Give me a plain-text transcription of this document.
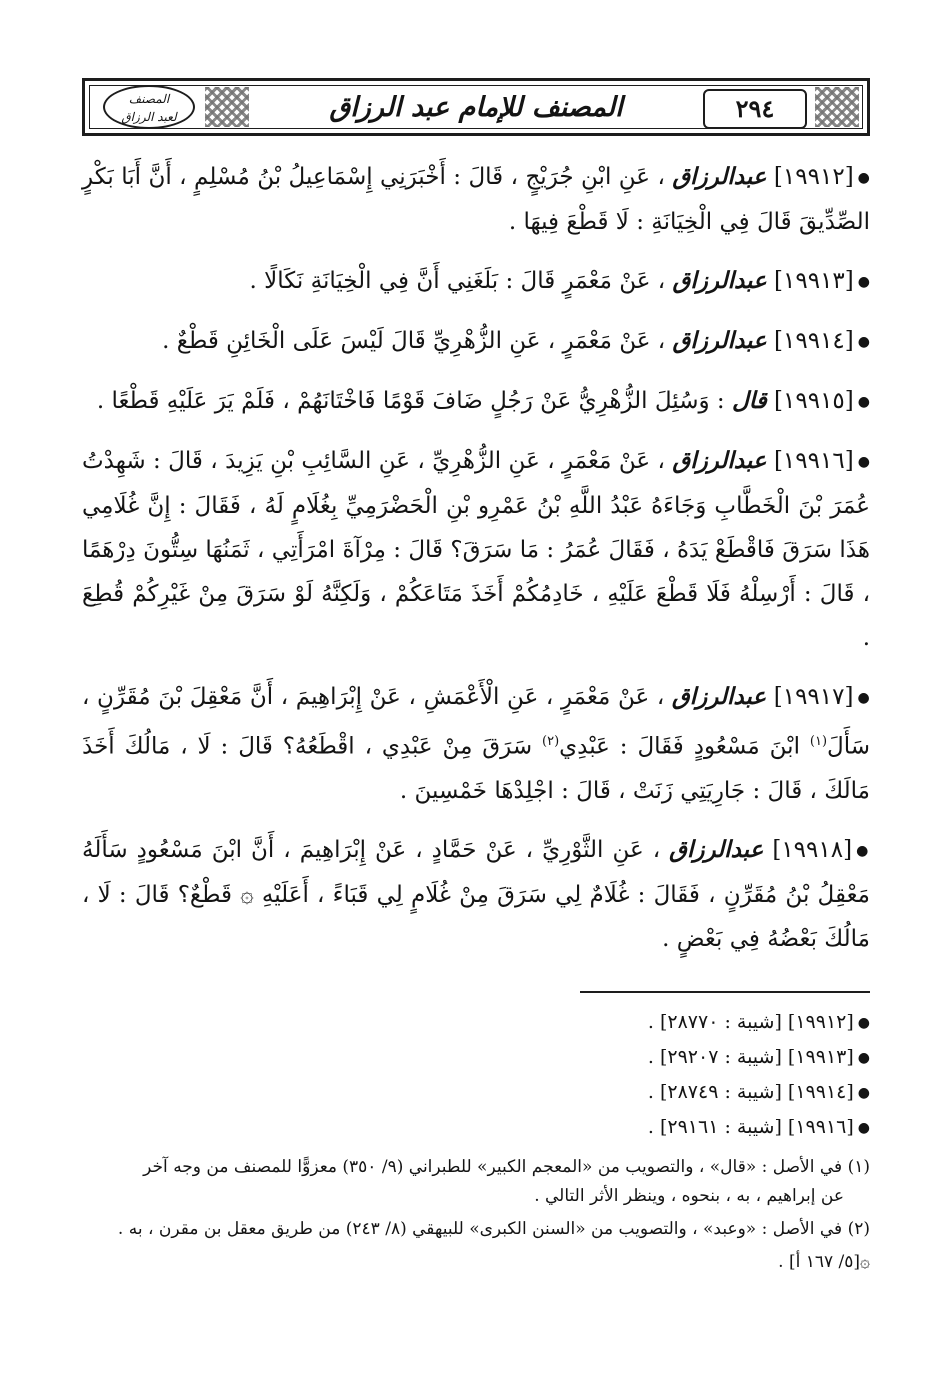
٢٩٤
المصنف للإمام عبد الرزاق
المصنف
لعبد الرزاق

●[١٩٩١٢] عبدالرزاق ، عَنِ ابْنِ جُرَيْجٍ ، قَالَ : أَخْبَرَنِي إِسْمَاعِيلُ بْنُ مُسْلِمٍ ، أَنَّ أَبَا بَكْرٍ الصِّدِّيقَ قَالَ فِي الْخِيَانَةِ : لَا قَطْعَ فِيهَا .

●[١٩٩١٣] عبدالرزاق ، عَنْ مَعْمَرٍ قَالَ : بَلَغَنِي أَنَّ فِي الْخِيَانَةِ نَكَالًا .

●[١٩٩١٤] عبدالرزاق ، عَنْ مَعْمَرٍ ، عَنِ الزُّهْرِيِّ قَالَ لَيْسَ عَلَى الْخَائِنِ قَطْعٌ .

●[١٩٩١٥] قال : وَسُئِلَ الزُّهْرِيُّ عَنْ رَجُلٍ ضَافَ قَوْمًا فَاخْتَانَهُمْ ، فَلَمْ يَرَ عَلَيْهِ قَطْعًا .

●[١٩٩١٦] عبدالرزاق ، عَنْ مَعْمَرٍ ، عَنِ الزُّهْرِيِّ ، عَنِ السَّائِبِ بْنِ يَزِيدَ ، قَالَ : شَهِدْتُ عُمَرَ بْنَ الْخَطَّابِ وَجَاءَهُ عَبْدُ اللَّهِ بْنُ عَمْرِو بْنِ الْحَضْرَمِيِّ بِغُلَامٍ لَهُ ، فَقَالَ : إِنَّ غُلَامِي هَذَا سَرَقَ فَاقْطَعْ يَدَهُ ، فَقَالَ عُمَرُ : مَا سَرَقَ؟ قَالَ : مِرْآةَ امْرَأَتِي ، ثَمَنُهَا سِتُّونَ دِرْهَمًا ، قَالَ : أَرْسِلْهُ فَلَا قَطْعَ عَلَيْهِ ، خَادِمُكُمْ أَخَذَ مَتَاعَكُمْ ، وَلَكِنَّهُ لَوْ سَرَقَ مِنْ غَيْرِكُمْ قُطِعَ .

●[١٩٩١٧] عبدالرزاق ، عَنْ مَعْمَرٍ ، عَنِ الْأَعْمَشِ ، عَنْ إِبْرَاهِيمَ ، أَنَّ مَعْقِلَ بْنَ مُقَرِّنٍ ، سَأَلَ$^{(١)}$ ابْنَ مَسْعُودٍ فَقَالَ : عَبْدِي$^{(٢)}$ سَرَقَ مِنْ عَبْدِي ، اقْطَعُهُ؟ قَالَ : لَا ، مَالُكَ أَخَذَ مَالَكَ ، قَالَ : جَارِيَتِي زَنَتْ ، قَالَ : اجْلِدْهَا خَمْسِينَ .

●[١٩٩١٨] عبدالرزاق ، عَنِ الثَّوْرِيِّ ، عَنْ حَمَّادٍ ، عَنْ إِبْرَاهِيمَ ، أَنَّ ابْنَ مَسْعُودٍ سَأَلَهُ مَعْقِلُ بْنُ مُقَرِّنٍ ، فَقَالَ : غُلَامٌ لِي سَرَقَ مِنْ غُلَامٍ لِي قَبَاءً ، أَعَلَيْهِ ۞ قَطْعٌ؟ قَالَ : لَا ، مَالُكَ بَعْضُهُ فِي بَعْضٍ .

●[١٩٩١٢] [شيبة : ٢٨٧٧٠] .
●[١٩٩١٣] [شيبة : ٢٩٢٠٧] .
●[١٩٩١٤] [شيبة : ٢٨٧٤٩] .
●[١٩٩١٦] [شيبة : ٢٩١٦١] .

(١) في الأصل : «قال» ، والتصويب من «المعجم الكبير» للطبراني (٩/ ٣٥٠) معزوًّا للمصنف من وجه آخر
عن إبراهيم ، به ، بنحوه ، وينظر الأثر التالي .

(٢) في الأصل : «وعبد» ، والتصويب من «السنن الكبرى» للبيهقي (٨/ ٢٤٣) من طريق معقل بن مقرن ، به .

۞[٥/ ١٦٧ أ] .
